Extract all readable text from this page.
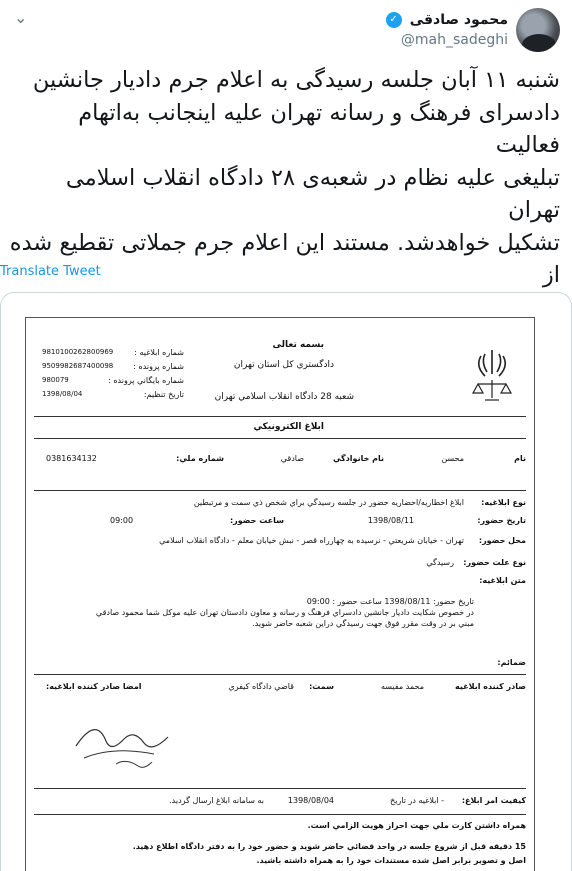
محمود صادقی ✓
@mah_sadeghi
⌄
شنبه ۱۱ آبان جلسه رسیدگی به اعلام جرم دادیار جانشین
دادسرای فرهنگ و رسانه تهران علیه اینجانب به‌اتهام فعالیت
تبلیغی علیه نظام در شعبه‌ی ۲۸ دادگاه انقلاب اسلامی تهران
تشکیل خواهدشد. مستند این اعلام جرم جملاتی تقطیع شده از
Translate Tweet
بسمه تعالی
دادگستري كل استان تهران
شعبه 28 دادگاه انقلاب اسلامي تهران
شماره ابلاغيه :
شماره پرونده :
شماره بايگاني پرونده :
تاريخ تنظيم:
9810100262800969
9509982687400098
980079
1398/08/04
ابلاغ الكترونيكي
نام
محسن
نام خانوادگي
صادقي
شماره ملي:
0381634132
نوع ابلاغيه:
ابلاغ اخطاريه/احضاريه حضور در جلسه رسيدگي براي شخص ذي سمت و مرتبطين
تاريخ حضور:
1398/08/11
ساعت حضور:
09:00
محل حضور:
تهران - خيابان شريعتي - نرسيده به چهارراه قصر - نبش خيابان معلم - دادگاه انقلاب اسلامي
نوع علت حضور:
رسيدگي
متن ابلاغيه:
تاريخ حضور: 1398/08/11 ساعت حضور : 09:00
در خصوص شكايت داديار جانشين دادسراي فرهنگ و رسانه و معاون دادستان تهران عليه موكل شما محمود صادقي
مبني بر در وقت مقرر فوق جهت رسيدگي دراين شعبه حاضر شويد.
ضمائم:
صادر كننده ابلاغيه
محمد مفيسه
سمت:
قاضي دادگاه كيفري
امضا صادر كننده ابلاغيه:
كيفيت امر ابلاغ:
- ابلاغيه در تاريخ
1398/08/04
به سامانه ابلاغ ارسال گرديد.
همراه داشتن كارت ملي جهت احراز هويت الزامي است.
15 دقيقه قبل از شروع جلسه در واحد قضائي حاضر شويد و حضور خود را به دفتر دادگاه اطلاع دهيد.
اصل و تصوير برابر اصل شده مستندات خود را به همراه داشته باشيد.
